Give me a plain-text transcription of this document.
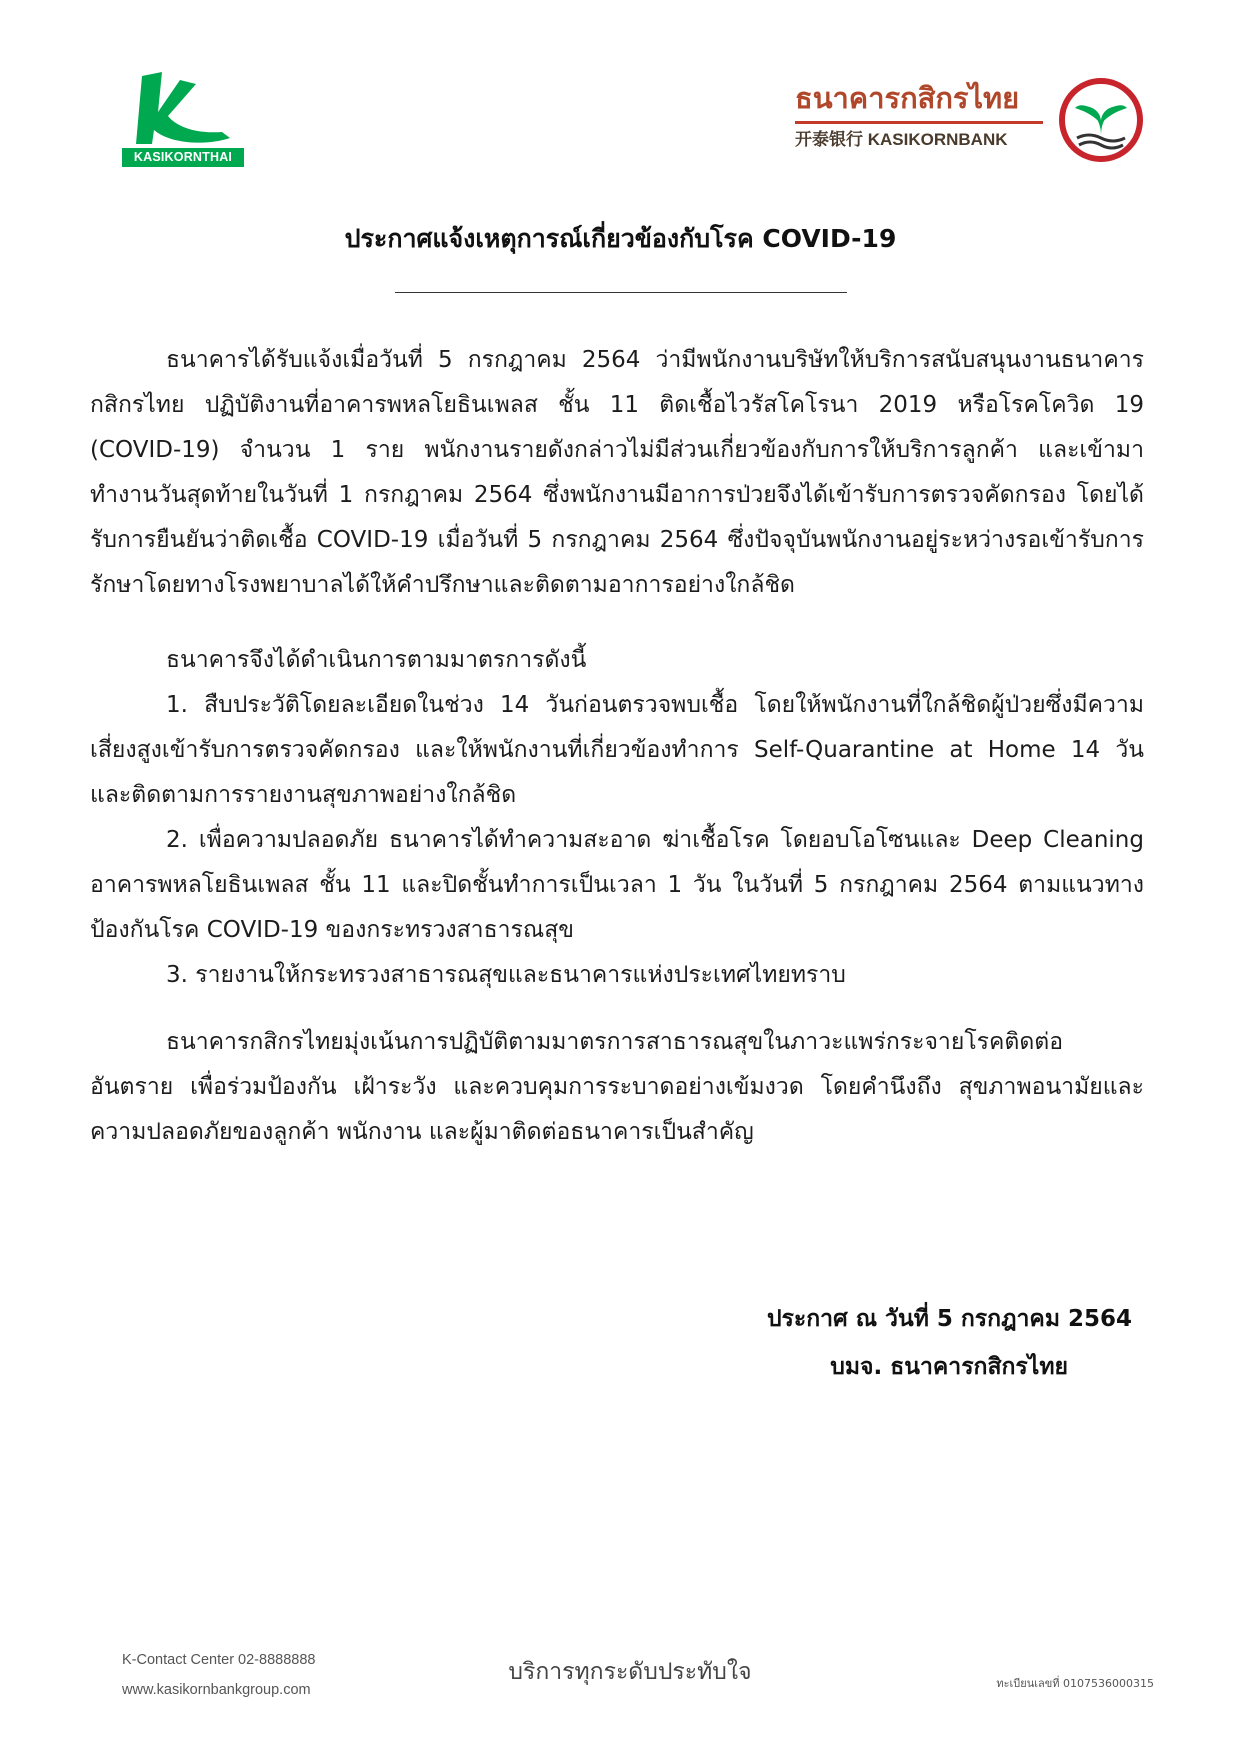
KASIKORNTHAI
ธนาคารกสิกรไทย
开泰银行 KASIKORNBANK
ประกาศแจ้งเหตุการณ์เกี่ยวข้องกับโรค COVID-19

ธนาคารได้รับแจ้งเมื่อวันที่ 5 กรกฎาคม 2564 ว่ามีพนักงานบริษัทให้บริการสนับสนุนงานธนาคารกสิกรไทย ปฏิบัติงานที่อาคารพหลโยธินเพลส ชั้น 11 ติดเชื้อไวรัสโคโรนา 2019 หรือโรคโควิด 19 (COVID-19) จำนวน 1 ราย พนักงานรายดังกล่าวไม่มีส่วนเกี่ยวข้องกับการให้บริการลูกค้า และเข้ามาทำงานวันสุดท้ายในวันที่ 1 กรกฎาคม 2564 ซึ่งพนักงานมีอาการป่วยจึงได้เข้ารับการตรวจคัดกรอง โดยได้รับการยืนยันว่าติดเชื้อ COVID-19 เมื่อวันที่ 5 กรกฎาคม 2564 ซึ่งปัจจุบันพนักงานอยู่ระหว่างรอเข้ารับการรักษาโดยทางโรงพยาบาลได้ให้คำปรึกษาและติดตามอาการอย่างใกล้ชิด

ธนาคารจึงได้ดำเนินการตามมาตรการดังนี้

1. สืบประวัติโดยละเอียดในช่วง 14 วันก่อนตรวจพบเชื้อ โดยให้พนักงานที่ใกล้ชิดผู้ป่วยซึ่งมีความเสี่ยงสูงเข้ารับการตรวจคัดกรอง และให้พนักงานที่เกี่ยวข้องทำการ Self-Quarantine at Home 14 วัน และติดตามการรายงานสุขภาพอย่างใกล้ชิด

2. เพื่อความปลอดภัย ธนาคารได้ทำความสะอาด ฆ่าเชื้อโรค โดยอบโอโซนและ Deep Cleaning อาคารพหลโยธินเพลส ชั้น 11 และปิดชั้นทำการเป็นเวลา 1 วัน ในวันที่ 5 กรกฎาคม 2564 ตามแนวทางป้องกันโรค COVID-19 ของกระทรวงสาธารณสุข

3. รายงานให้กระทรวงสาธารณสุขและธนาคารแห่งประเทศไทยทราบ

ธนาคารกสิกรไทยมุ่งเน้นการปฏิบัติตามมาตรการสาธารณสุขในภาวะแพร่กระจายโรคติดต่ออันตราย เพื่อร่วมป้องกัน เฝ้าระวัง และควบคุมการระบาดอย่างเข้มงวด โดยคำนึงถึง สุขภาพอนามัยและความปลอดภัยของลูกค้า พนักงาน และผู้มาติดต่อธนาคารเป็นสำคัญ

ประกาศ ณ วันที่ 5 กรกฎาคม 2564
บมจ. ธนาคารกสิกรไทย
K-Contact Center 02-8888888
www.kasikornbankgroup.com
บริการทุกระดับประทับใจ	ทะเบียนเลขที่ 0107536000315
